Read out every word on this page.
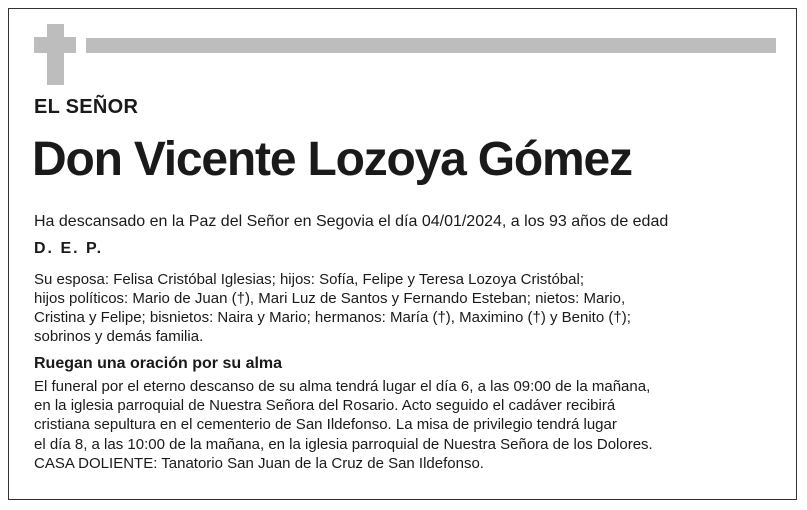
EL SEÑOR
Don Vicente Lozoya Gómez
Ha descansado en la Paz del Señor en Segovia el día 04/01/2024, a los 93 años de edad
D. E. P.
Su esposa: Felisa Cristóbal Iglesias; hijos: Sofía, Felipe y Teresa Lozoya Cristóbal;
hijos políticos: Mario de Juan (†), Mari Luz de Santos y Fernando Esteban; nietos: Mario,
Cristina y Felipe; bisnietos: Naira y Mario; hermanos: María (†), Maximino (†) y Benito (†);
sobrinos y demás familia.
Ruegan una oración por su alma
El funeral por el eterno descanso de su alma tendrá lugar el día 6, a las 09:00 de la mañana,
en la iglesia parroquial de Nuestra Señora del Rosario. Acto seguido el cadáver recibirá
cristiana sepultura en el cementerio de San Ildefonso. La misa de privilegio tendrá lugar
el día 8, a las 10:00 de la mañana, en la iglesia parroquial de Nuestra Señora de los Dolores.
CASA DOLIENTE: Tanatorio San Juan de la Cruz de San Ildefonso.
